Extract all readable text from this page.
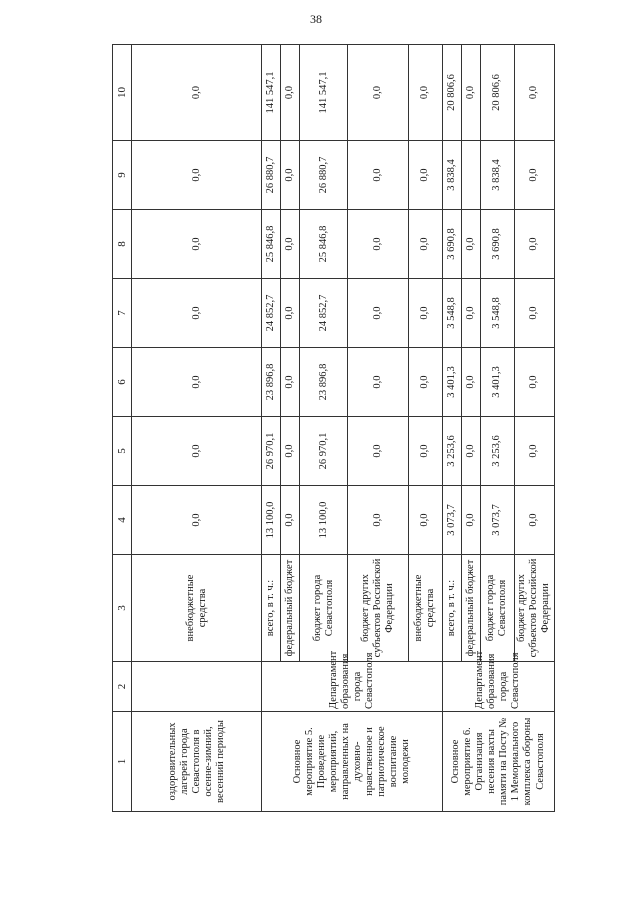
38
1	2	3	4	5	6	7	8	9	10
оздоровительных лагерей города Севастополя в осенне-зимний, весенний периоды		внебюджетные средства	0,0	0,0	0,0	0,0	0,0	0,0	0,0
Основное мероприятие 5. Проведение мероприятий, направленных на духовно-нравственное и патриотическое воспитание молодежи	Департамент образования города Севастополя	всего, в т. ч.:	13 100,0	26 970,1	23 896,8	24 852,7	25 846,8	26 880,7	141 547,1
		федеральный бюджет	0,0	0,0	0,0	0,0	0,0	0,0	0,0
		бюджет города Севастополя	13 100,0	26 970,1	23 896,8	24 852,7	25 846,8	26 880,7	141 547,1
		бюджет других субъектов Российской Федерации	0,0	0,0	0,0	0,0	0,0	0,0	0,0
		внебюджетные средства	0,0	0,0	0,0	0,0	0,0	0,0	0,0
Основное мероприятие 6. Организация несения вахты памяти на Посту № 1 Мемориального комплекса обороны Севастополя	Департамент образования города Севастополя	всего, в т. ч.:	3 073,7	3 253,6	3 401,3	3 548,8	3 690,8	3 838,4	20 806,6
		федеральный бюджет	0,0	0,0	0,0	0,0	0,0		0,0
		бюджет города Севастополя	3 073,7	3 253,6	3 401,3	3 548,8	3 690,8	3 838,4	20 806,6
		бюджет других субъектов Российской Федерации	0,0	0,0	0,0	0,0	0,0	0,0	0,0
